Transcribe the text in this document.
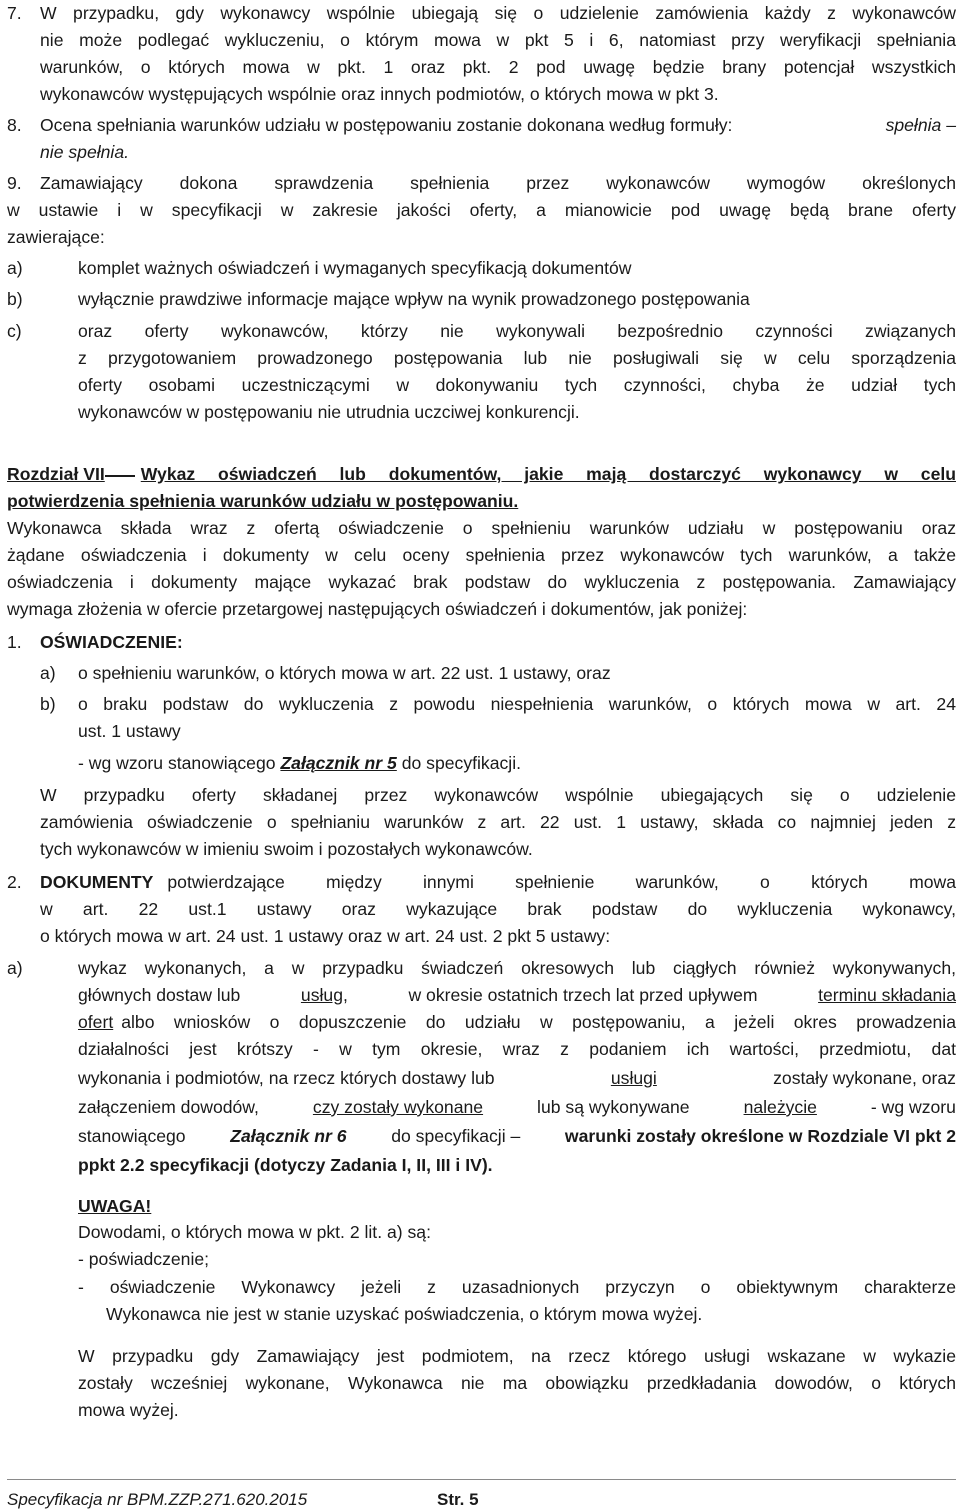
7. W przypadku, gdy wykonawcy wspólnie ubiegają się o udzielenie zamówienia każdy z wykonawców
nie może podlegać wykluczeniu, o którym mowa w pkt 5 i 6, natomiast przy weryfikacji spełniania
warunków, o których mowa w pkt. 1 oraz pkt. 2 pod uwagę będzie brany potencjał wszystkich
wykonawców występujących wspólnie oraz innych podmiotów, o których mowa w pkt 3.
8. Ocena spełniania warunków udziału w postępowaniu zostanie dokonana według formuły:	spełnia –
nie spełnia.
9. Zamawiający dokona sprawdzenia spełnienia przez wykonawców wymogów określonych
w ustawie i w specyfikacji w zakresie jakości oferty, a mianowicie pod uwagę będą brane oferty
zawierające:
a)	komplet ważnych oświadczeń i wymaganych specyfikacją dokumentów
b)	wyłącznie prawdziwe informacje mające wpływ na wynik prowadzonego postępowania
c)	oraz oferty wykonawców, którzy nie wykonywali bezpośrednio czynności związanych
z przygotowaniem prowadzonego postępowania lub nie posługiwali się w celu sporządzenia
oferty osobami uczestniczącymi w dokonywaniu tych czynności, chyba że udział tych
wykonawców w postępowaniu nie utrudnia uczciwej konkurencji.
Rozdział VII Wykaz oświadczeń lub dokumentów, jakie mają dostarczyć wykonawcy w celu
potwierdzenia spełnienia warunków udziału w postępowaniu.
Wykonawca składa wraz z ofertą oświadczenie o spełnieniu warunków udziału w postępowaniu oraz
żądane oświadczenia i dokumenty w celu oceny spełnienia przez wykonawców tych warunków, a także
oświadczenia i dokumenty mające wykazać brak podstaw do wykluczenia z postępowania. Zamawiający
wymaga złożenia w ofercie przetargowej następujących oświadczeń i dokumentów, jak poniżej:
1. OŚWIADCZENIE:
a) o spełnieniu warunków, o których mowa w art. 22 ust. 1 ustawy, oraz
b) o braku podstaw do wykluczenia z powodu niespełnienia warunków, o których mowa w art. 24
ust. 1 ustawy
- wg wzoru stanowiącego Załącznik nr 5 do specyfikacji.
W przypadku oferty składanej przez wykonawców wspólnie ubiegających się o udzielenie
zamówienia oświadczenie o spełnianiu warunków z art. 22 ust. 1 ustawy, składa co najmniej jeden z
tych wykonawców w imieniu swoim i pozostałych wykonawców.
2. DOKUMENTY potwierdzające między innymi spełnienie warunków, o których mowa
w art. 22 ust.1 ustawy oraz wykazujące brak podstaw do wykluczenia wykonawcy,
o których mowa w art. 24 ust. 1 ustawy oraz w art. 24 ust. 2 pkt 5 ustawy:
a)	wykaz wykonanych, a w przypadku świadczeń okresowych lub ciągłych również wykonywanych,
głównych dostaw lub	usług,	w okresie ostatnich trzech lat przed upływem	terminu składania
ofert albo wniosków o dopuszczenie do udziału w postępowaniu, a jeżeli okres prowadzenia
działalności jest krótszy - w tym okresie, wraz z podaniem ich wartości, przedmiotu, dat
wykonania i podmiotów, na rzecz których dostawy lub	usługi	zostały wykonane, oraz
załączeniem dowodów,	czy zostały wykonane	lub są wykonywane	należycie	- wg wzoru
stanowiącego	Załącznik nr 6	do specyfikacji –	warunki zostały określone w Rozdziale VI pkt 2
ppkt 2.2 specyfikacji (dotyczy Zadania I, II, III i IV).
UWAGA!
Dowodami, o których mowa w pkt. 2 lit. a) są:
- poświadczenie;
- oświadczenie Wykonawcy jeżeli z uzasadnionych przyczyn o obiektywnym charakterze
Wykonawca nie jest w stanie uzyskać poświadczenia, o którym mowa wyżej.
W przypadku gdy Zamawiający jest podmiotem, na rzecz którego usługi wskazane w wykazie
zostały wcześniej wykonane, Wykonawca nie ma obowiązku przedkładania dowodów, o których
mowa wyżej.
Specyfikacja nr BPM.ZZP.271.620.2015	Str. 5
